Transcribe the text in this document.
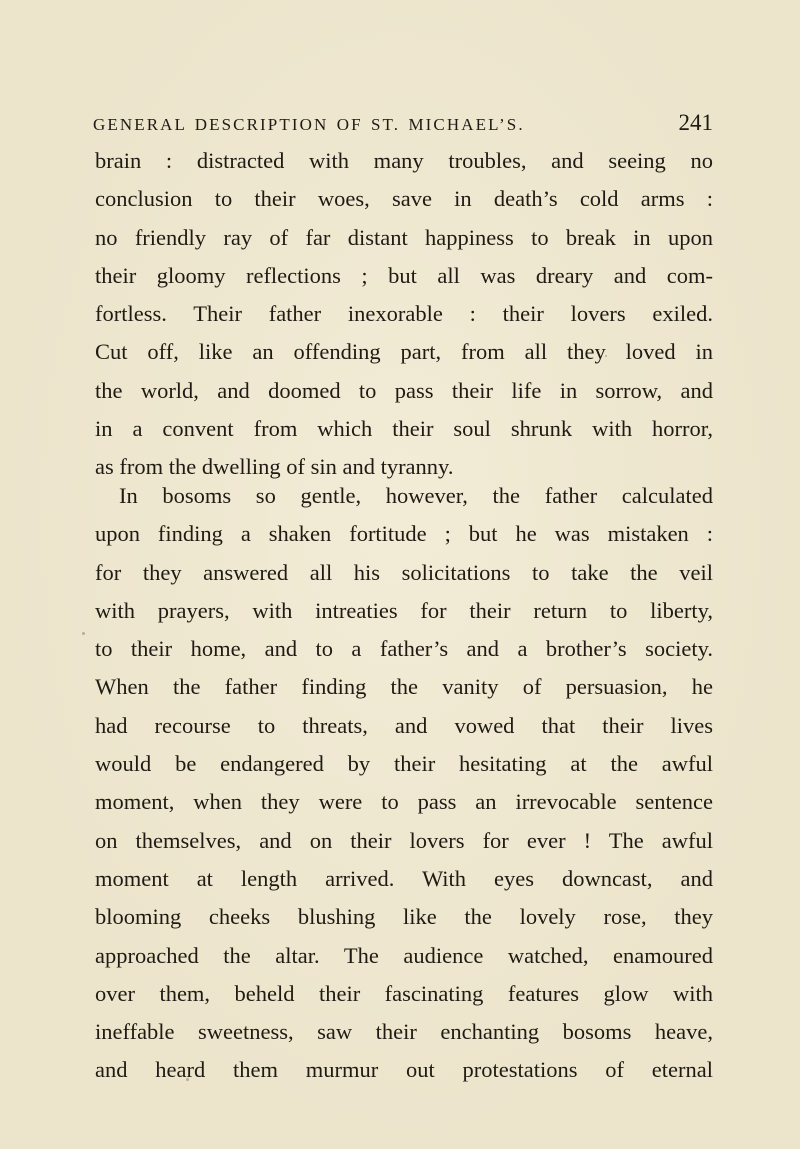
GENERAL DESCRIPTION OF ST. MICHAEL’S.	241
brain : distracted with many troubles, and seeing no
conclusion to their woes, save in death’s cold arms :
no friendly ray of far distant happiness to break in upon
their gloomy reflections ; but all was dreary and com-
fortless. Their father inexorable : their lovers exiled.
Cut off, like an offending part, from all they loved in
the world, and doomed to pass their life in sorrow, and
in a convent from which their soul shrunk with horror,
as from the dwelling of sin and tyranny.
In bosoms so gentle, however, the father calculated
upon finding a shaken fortitude ; but he was mistaken :
for they answered all his solicitations to take the veil
with prayers, with intreaties for their return to liberty,
to their home, and to a father’s and a brother’s society.
When the father finding the vanity of persuasion, he
had recourse to threats, and vowed that their lives
would be endangered by their hesitating at the awful
moment, when they were to pass an irrevocable sentence
on themselves, and on their lovers for ever ! The awful
moment at length arrived. With eyes downcast, and
blooming cheeks blushing like the lovely rose, they
approached the altar. The audience watched, enamoured
over them, beheld their fascinating features glow with
ineffable sweetness, saw their enchanting bosoms heave,
and heard them murmur out protestations of eternal
